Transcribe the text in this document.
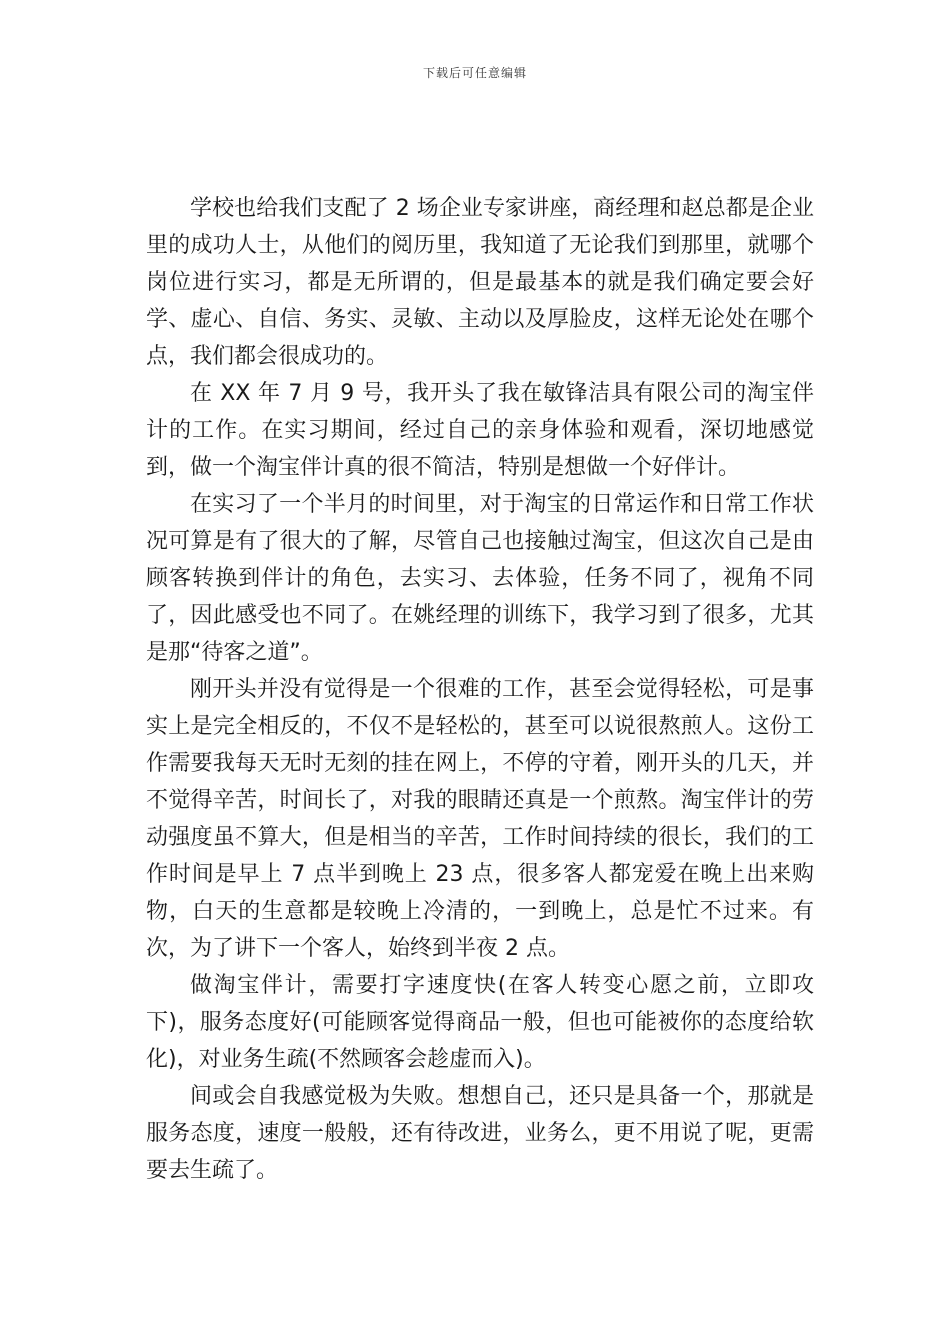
下载后可任意编辑

学校也给我们支配了 2 场企业专家讲座，商经理和赵总都是企业里的成功人士，从他们的阅历里，我知道了无论我们到那里，就哪个岗位进行实习，都是无所谓的，但是最基本的就是我们确定要会好学、虚心、自信、务实、灵敏、主动以及厚脸皮，这样无论处在哪个点，我们都会很成功的。

在 XX 年 7 月 9 号，我开头了我在敏锋洁具有限公司的淘宝伴计的工作。在实习期间，经过自己的亲身体验和观看，深切地感觉到，做一个淘宝伴计真的很不简洁，特别是想做一个好伴计。

在实习了一个半月的时间里，对于淘宝的日常运作和日常工作状况可算是有了很大的了解，尽管自己也接触过淘宝，但这次自己是由顾客转换到伴计的角色，去实习、去体验，任务不同了，视角不同了，因此感受也不同了。在姚经理的训练下，我学习到了很多，尤其是那“待客之道”。

刚开头并没有觉得是一个很难的工作，甚至会觉得轻松，可是事实上是完全相反的，不仅不是轻松的，甚至可以说很熬煎人。这份工作需要我每天无时无刻的挂在网上，不停的守着，刚开头的几天，并不觉得辛苦，时间长了，对我的眼睛还真是一个煎熬。淘宝伴计的劳动强度虽不算大，但是相当的辛苦，工作时间持续的很长，我们的工作时间是早上 7 点半到晚上 23 点，很多客人都宠爱在晚上出来购物，白天的生意都是较晚上冷清的，一到晚上，总是忙不过来。有次，为了讲下一个客人，始终到半夜 2 点。

做淘宝伴计，需要打字速度快(在客人转变心愿之前，立即攻下)，服务态度好(可能顾客觉得商品一般，但也可能被你的态度给软化)，对业务生疏(不然顾客会趁虚而入)。

间或会自我感觉极为失败。想想自己，还只是具备一个，那就是服务态度，速度一般般，还有待改进，业务么，更不用说了呢，更需要去生疏了。
